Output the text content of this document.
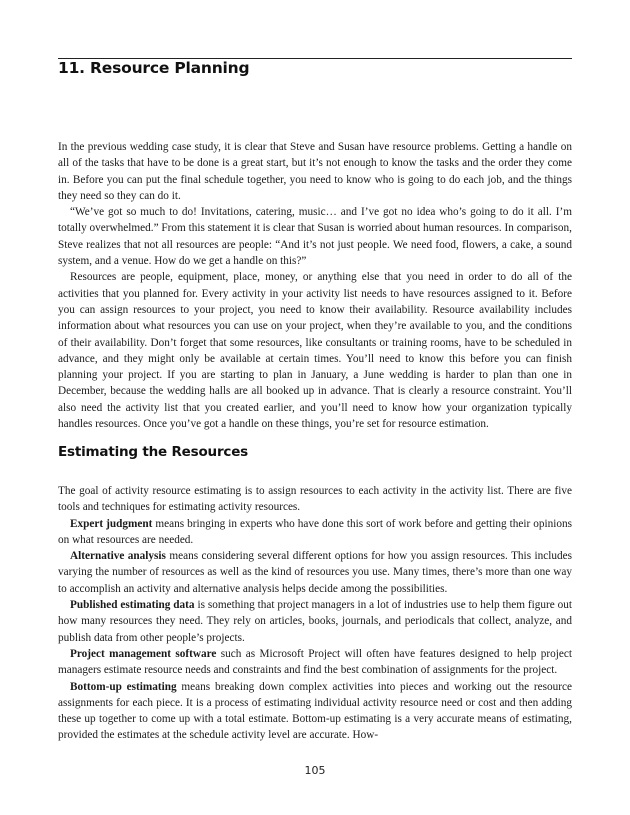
11. Resource Planning

In the previous wedding case study, it is clear that Steve and Susan have resource problems. Getting a handle on all of the tasks that have to be done is a great start, but it’s not enough to know the tasks and the order they come in. Before you can put the final schedule together, you need to know who is going to do each job, and the things they need so they can do it.

“We’ve got so much to do! Invitations, catering, music… and I’ve got no idea who’s going to do it all. I’m totally overwhelmed.” From this statement it is clear that Susan is worried about human resources. In comparison, Steve realizes that not all resources are people: “And it’s not just people. We need food, flowers, a cake, a sound system, and a venue. How do we get a handle on this?”

Resources are people, equipment, place, money, or anything else that you need in order to do all of the activities that you planned for. Every activity in your activity list needs to have resources assigned to it. Before you can assign resources to your project, you need to know their availability. Resource availability includes information about what resources you can use on your project, when they’re available to you, and the conditions of their availability. Don’t forget that some resources, like consultants or training rooms, have to be scheduled in advance, and they might only be available at certain times. You’ll need to know this before you can finish planning your project. If you are starting to plan in January, a June wedding is harder to plan than one in December, because the wedding halls are all booked up in advance. That is clearly a resource constraint. You’ll also need the activity list that you created earlier, and you’ll need to know how your organization typically handles resources. Once you’ve got a handle on these things, you’re set for resource estimation.

Estimating the Resources

The goal of activity resource estimating is to assign resources to each activity in the activity list. There are five tools and techniques for estimating activity resources.

Expert judgment means bringing in experts who have done this sort of work before and getting their opinions on what resources are needed.

Alternative analysis means considering several different options for how you assign resources. This includes varying the number of resources as well as the kind of resources you use. Many times, there’s more than one way to accomplish an activity and alternative analysis helps decide among the possibilities.

Published estimating data is something that project managers in a lot of industries use to help them figure out how many resources they need. They rely on articles, books, journals, and periodicals that collect, analyze, and publish data from other people’s projects.

Project management software such as Microsoft Project will often have features designed to help project managers estimate resource needs and constraints and find the best combination of assignments for the project.

Bottom-up estimating means breaking down complex activities into pieces and working out the resource assignments for each piece. It is a process of estimating individual activity resource need or cost and then adding these up together to come up with a total estimate. Bottom-up estimating is a very accurate means of estimating, provided the estimates at the schedule activity level are accurate. How-

105
